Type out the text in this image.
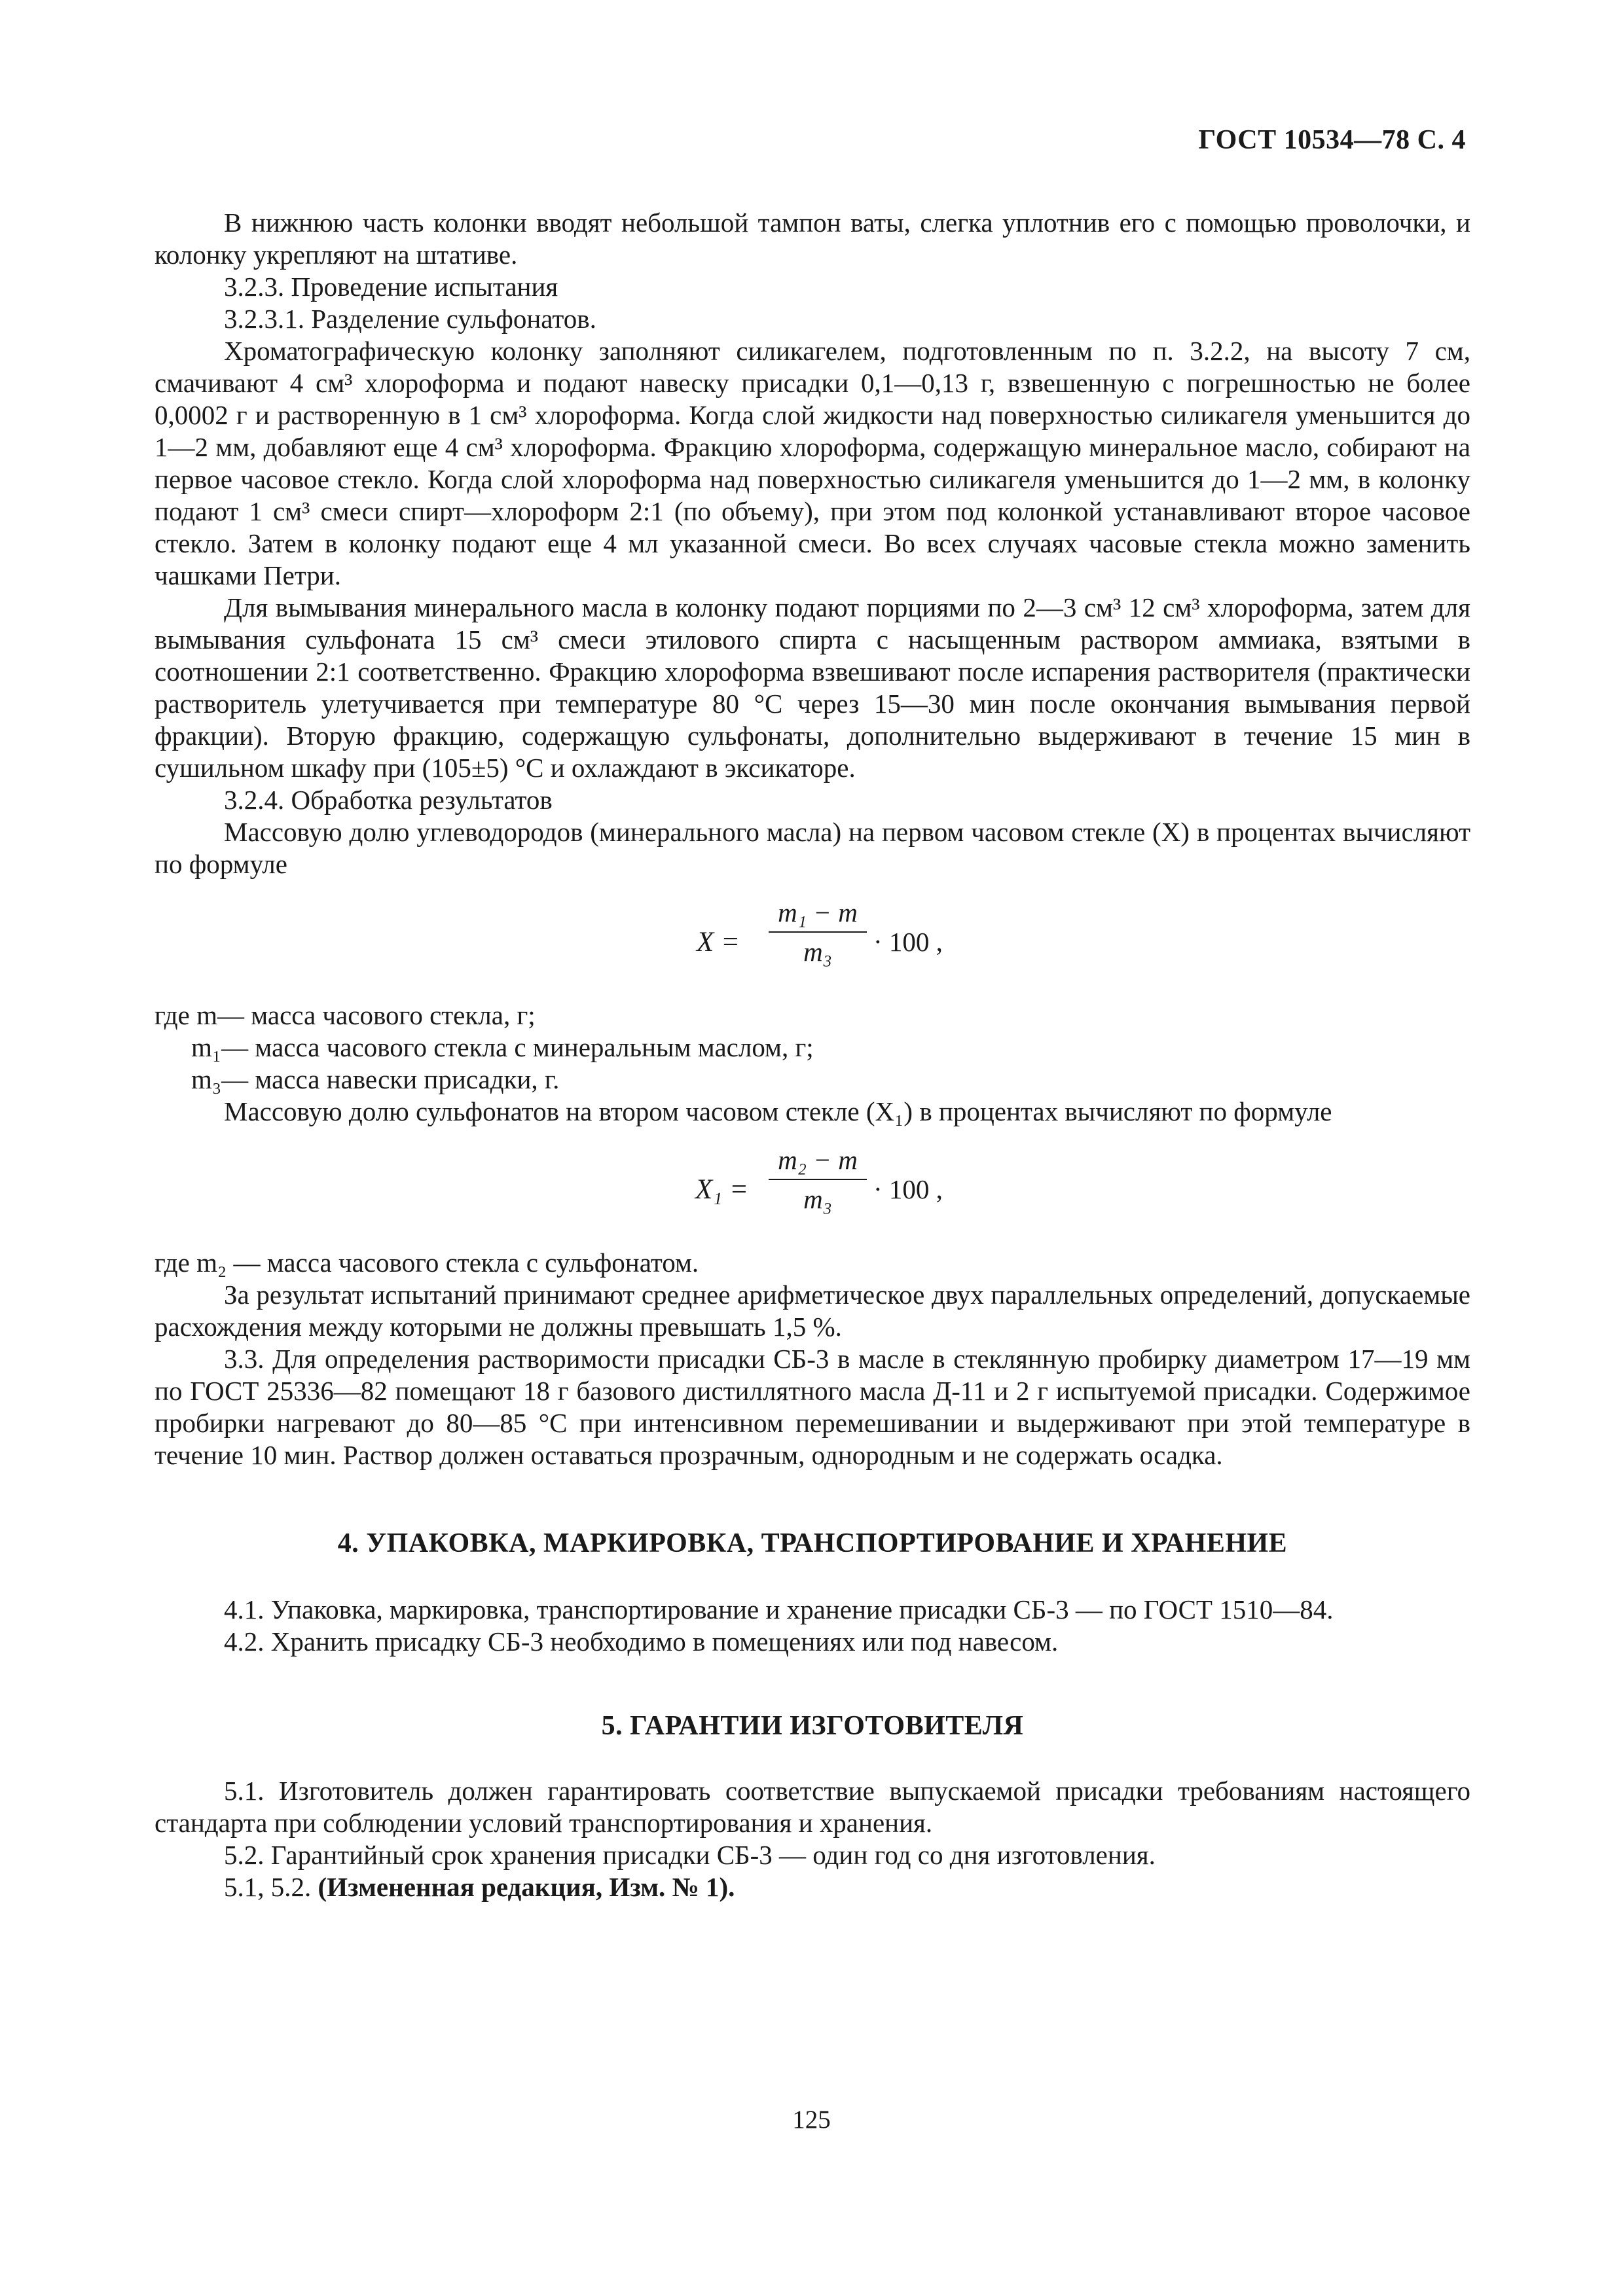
ГОСТ 10534—78 С. 4

В нижнюю часть колонки вводят небольшой тампон ваты, слегка уплотнив его с помощью проволочки, и колонку укрепляют на штативе.

3.2.3. Проведение испытания

3.2.3.1. Разделение сульфонатов.

Хроматографическую колонку заполняют силикагелем, подготовленным по п. 3.2.2, на высоту 7 см, смачивают 4 см³ хлороформа и подают навеску присадки 0,1—0,13 г, взвешенную с погрешностью не более 0,0002 г и растворенную в 1 см³ хлороформа. Когда слой жидкости над поверхностью силикагеля уменьшится до 1—2 мм, добавляют еще 4 см³ хлороформа. Фракцию хлороформа, содержащую минеральное масло, собирают на первое часовое стекло. Когда слой хлороформа над поверхностью силикагеля уменьшится до 1—2 мм, в колонку подают 1 см³ смеси спирт—хлороформ 2:1 (по объему), при этом под колонкой устанавливают второе часовое стекло. Затем в колонку подают еще 4 мл указанной смеси. Во всех случаях часовые стекла можно заменить чашками Петри.

Для вымывания минерального масла в колонку подают порциями по 2—3 см³ 12 см³ хлороформа, затем для вымывания сульфоната 15 см³ смеси этилового спирта с насыщенным раствором аммиака, взятыми в соотношении 2:1 соответственно. Фракцию хлороформа взвешивают после испарения растворителя (практически растворитель улетучивается при температуре 80 °С через 15—30 мин после окончания вымывания первой фракции). Вторую фракцию, содержащую сульфонаты, дополнительно выдерживают в течение 15 мин в сушильном шкафу при (105±5) °С и охлаждают в эксикаторе.

3.2.4. Обработка результатов

Массовую долю углеводородов (минерального масла) на первом часовом стекле (X) в процентах вычисляют по формуле

X =
m₁ − m
m₃	· 100 ,

где m— масса часового стекла, г;

m₁— масса часового стекла с минеральным маслом, г;

m₃— масса навески присадки, г.

Массовую долю сульфонатов на втором часовом стекле (X₁) в процентах вычисляют по формуле

X₁ =
m₂ − m
m₃	· 100 ,

где m₂ — масса часового стекла с сульфонатом.

За результат испытаний принимают среднее арифметическое двух параллельных определений, допускаемые расхождения между которыми не должны превышать 1,5 %.

3.3. Для определения растворимости присадки СБ-3 в масле в стеклянную пробирку диаметром 17—19 мм по ГОСТ 25336—82 помещают 18 г базового дистиллятного масла Д-11 и 2 г испытуемой присадки. Содержимое пробирки нагревают до 80—85 °С при интенсивном перемешивании и выдерживают при этой температуре в течение 10 мин. Раствор должен оставаться прозрачным, однородным и не содержать осадка.

4. УПАКОВКА, МАРКИРОВКА, ТРАНСПОРТИРОВАНИЕ И ХРАНЕНИЕ

4.1. Упаковка, маркировка, транспортирование и хранение присадки СБ-3 — по ГОСТ 1510—84.

4.2. Хранить присадку СБ-3 необходимо в помещениях или под навесом.

5. ГАРАНТИИ ИЗГОТОВИТЕЛЯ

5.1. Изготовитель должен гарантировать соответствие выпускаемой присадки требованиям настоящего стандарта при соблюдении условий транспортирования и хранения.

5.2. Гарантийный срок хранения присадки СБ-3 — один год со дня изготовления.

5.1, 5.2. (Измененная редакция, Изм. № 1).

125
